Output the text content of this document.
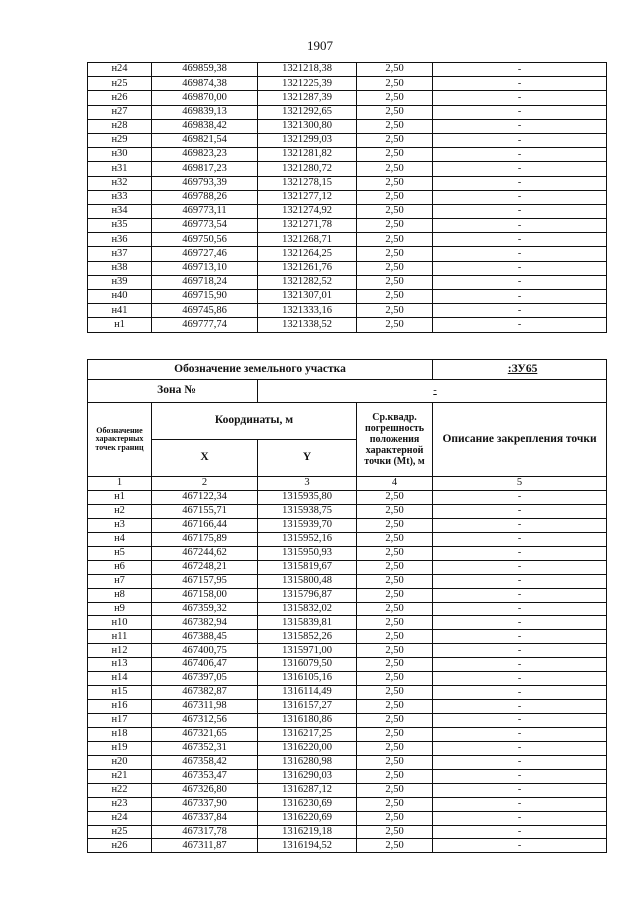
1907
н24	469859,38	1321218,38	2,50	-
н25	469874,38	1321225,39	2,50	-
н26	469870,00	1321287,39	2,50	-
н27	469839,13	1321292,65	2,50	-
н28	469838,42	1321300,80	2,50	-
н29	469821,54	1321299,03	2,50	-
н30	469823,23	1321281,82	2,50	-
н31	469817,23	1321280,72	2,50	-
н32	469793,39	1321278,15	2,50	-
н33	469788,26	1321277,12	2,50	-
н34	469773,11	1321274,92	2,50	-
н35	469773,54	1321271,78	2,50	-
н36	469750,56	1321268,71	2,50	-
н37	469727,46	1321264,25	2,50	-
н38	469713,10	1321261,76	2,50	-
н39	469718,24	1321282,52	2,50	-
н40	469715,90	1321307,01	2,50	-
н41	469745,86	1321333,16	2,50	-
н1	469777,74	1321338,52	2,50	-
Обозначение земельного участка				:ЗУ65
Зона №		-		
Обозначение характерных точек границ	Координаты, м		Ср.квадр. погрешность положения характерной точки (Mt), м	Описание закрепления точки
	X	Y		
1	2	3	4	5
н1	467122,34	1315935,80	2,50	-
н2	467155,71	1315938,75	2,50	-
н3	467166,44	1315939,70	2,50	-
н4	467175,89	1315952,16	2,50	-
н5	467244,62	1315950,93	2,50	-
н6	467248,21	1315819,67	2,50	-
н7	467157,95	1315800,48	2,50	-
н8	467158,00	1315796,87	2,50	-
н9	467359,32	1315832,02	2,50	-
н10	467382,94	1315839,81	2,50	-
н11	467388,45	1315852,26	2,50	-
н12	467400,75	1315971,00	2,50	-
н13	467406,47	1316079,50	2,50	-
н14	467397,05	1316105,16	2,50	-
н15	467382,87	1316114,49	2,50	-
н16	467311,98	1316157,27	2,50	-
н17	467312,56	1316180,86	2,50	-
н18	467321,65	1316217,25	2,50	-
н19	467352,31	1316220,00	2,50	-
н20	467358,42	1316280,98	2,50	-
н21	467353,47	1316290,03	2,50	-
н22	467326,80	1316287,12	2,50	-
н23	467337,90	1316230,69	2,50	-
н24	467337,84	1316220,69	2,50	-
н25	467317,78	1316219,18	2,50	-
н26	467311,87	1316194,52	2,50	-
